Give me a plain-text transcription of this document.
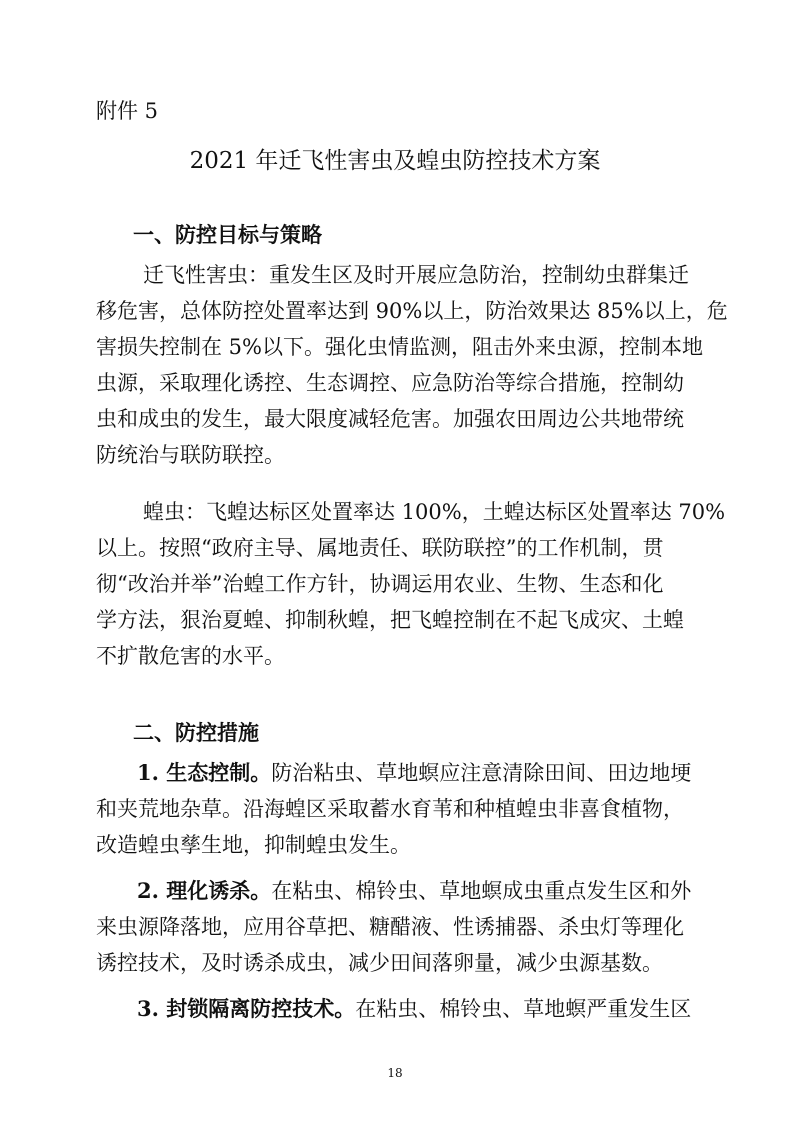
附件 5
2021 年迁飞性害虫及蝗虫防控技术方案
一、防控目标与策略
迁飞性害虫：重发生区及时开展应急防治，控制幼虫群集迁
移危害，总体防控处置率达到 90%以上，防治效果达 85%以上，危
害损失控制在 5%以下。强化虫情监测，阻击外来虫源，控制本地
虫源，采取理化诱控、生态调控、应急防治等综合措施，控制幼
虫和成虫的发生，最大限度减轻危害。加强农田周边公共地带统
防统治与联防联控。
蝗虫：飞蝗达标区处置率达 100%，土蝗达标区处置率达 70%
以上。按照“政府主导、属地责任、联防联控”的工作机制，贯
彻“改治并举”治蝗工作方针，协调运用农业、生物、生态和化
学方法，狠治夏蝗、抑制秋蝗，把飞蝗控制在不起飞成灾、土蝗
不扩散危害的水平。
二、防控措施
1. 生态控制。防治粘虫、草地螟应注意清除田间、田边地埂
和夹荒地杂草。沿海蝗区采取蓄水育苇和种植蝗虫非喜食植物，
改造蝗虫孳生地，抑制蝗虫发生。
2. 理化诱杀。在粘虫、棉铃虫、草地螟成虫重点发生区和外
来虫源降落地，应用谷草把、糖醋液、性诱捕器、杀虫灯等理化
诱控技术，及时诱杀成虫，减少田间落卵量，减少虫源基数。
3. 封锁隔离防控技术。在粘虫、棉铃虫、草地螟严重发生区
18
